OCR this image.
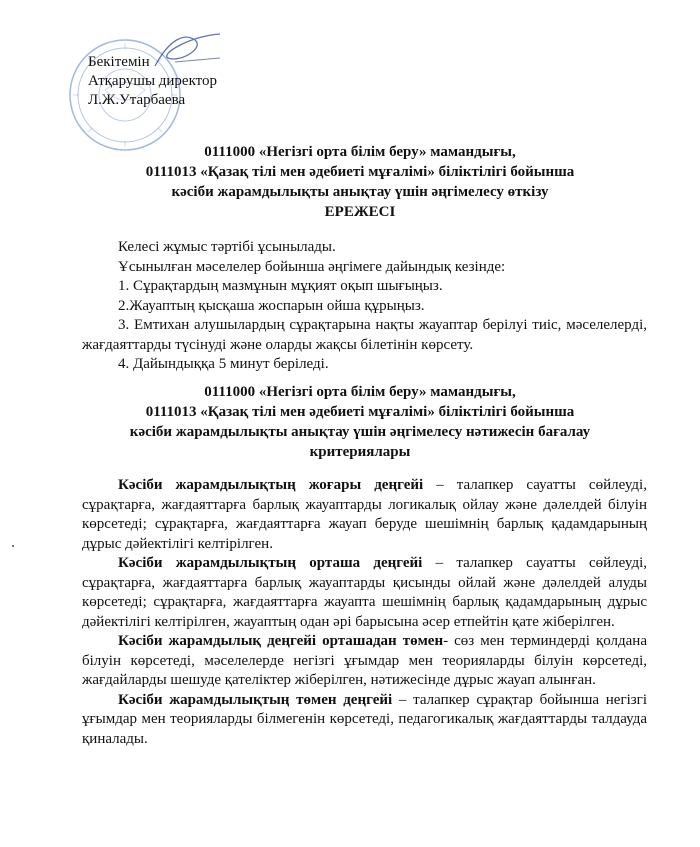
Бекітемін
Атқарушы директор
Л.Ж.Утарбаева
0111000 «Негізгі орта білім беру» мамандығы,
0111013 «Қазақ тілі мен әдебиеті мұғалімі» біліктілігі бойынша
кәсіби жарамдылықты анықтау үшін әңгімелесу өткізу
ЕРЕЖЕСІ
Келесі жұмыс тәртібі ұсынылады.
Ұсынылған мәселелер бойынша әңгімеге дайындық кезінде:
1. Сұрақтардың мазмұнын мұқият оқып шығыңыз.
2.Жауаптың қысқаша жоспарын ойша құрыңыз.
3. Емтихан алушылардың сұрақтарына нақты жауаптар берілуі тиіс, мәселелерді, жағдаяттарды түсінуді және оларды жақсы білетінін көрсету.
4. Дайындыққа 5 минут беріледі.
0111000 «Негізгі орта білім беру» мамандығы,
0111013 «Қазақ тілі мен әдебиеті мұғалімі» біліктілігі бойынша
кәсіби жарамдылықты анықтау үшін әңгімелесу нәтижесін бағалау
критериялары

Кәсіби жарамдылықтың жоғары деңгейі – талапкер сауатты сөйлеуді, сұрақтарға, жағдаяттарға барлық жауаптарды логикалық ойлау және дәлелдей білуін көрсетеді; сұрақтарға, жағдаяттарға жауап беруде шешімнің барлық қадамдарының дұрыс дәйектілігі келтірілген.

Кәсіби жарамдылықтың орташа деңгейі – талапкер сауатты сөйлеуді, сұрақтарға, жағдаяттарға барлық жауаптарды қисынды ойлай және дәлелдей алуды көрсетеді; сұрақтарға, жағдаяттарға жауапта шешімнің барлық қадамдарының дұрыс дәйектілігі келтірілген, жауаптың одан әрі барысына әсер етпейтін қате жіберілген.

Кәсіби жарамдылық деңгейі орташадан төмен- сөз мен терминдерді қолдана білуін көрсетеді, мәселелерде негізгі ұғымдар мен теорияларды білуін көрсетеді, жағдайларды шешуде қателіктер жіберілген, нәтижесінде дұрыс жауап алынған.

Кәсіби жарамдылықтың төмен деңгейі – талапкер сұрақтар бойынша негізгі ұғымдар мен теорияларды білмегенін көрсетеді, педагогикалық жағдаяттарды талдауда қиналады.
